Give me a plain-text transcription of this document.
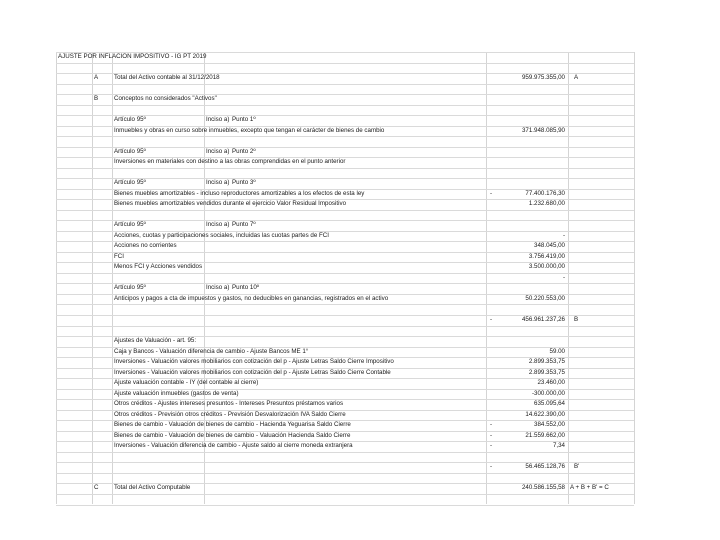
AJUSTE POR INFLACION IMPOSITIVO - IG PT 2019
A	Total del Activo contable al 31/12/2018	959.975.355,00 A
B	Conceptos no considerados "Activos"
Artículo 95º	Inciso a) Punto 1º
Inmuebles y obras en curso sobre inmuebles, excepto que tengan el carácter de bienes de cambio	371.948.085,90
Artículo 95º	Inciso a) Punto 2º
Inversiones en materiales con destino a las obras comprendidas en el punto anterior
Artículo 95º	Inciso a) Punto 3º
Bienes muebles amortizables - incluso reproductores amortizables a los efectos de esta ley	-	77.400.176,30
Bienes muebles amortizables vendidos durante el ejercicio Valor Residual Impositivo	1.232.680,00
Artículo 95º	Inciso a) Punto 7º
Acciones, cuotas y participaciones sociales, incluidas las cuotas partes de FCI	-
Acciones no corrientes	348.045,00
FCI	3.756.419,00
Menos FCI y Acciones vendidos	3.500.000,00
-
Artículo 95º	Inciso a) Punto 10º
Anticipos y pagos a cta de impuestos y gastos, no deducibles en ganancias, registrados en el activo	50.220.553,00
-	456.961.237,26 B
Ajustes de Valuación - art. 95:
Caja y Bancos - Valuación diferencia de cambio - Ajuste Bancos ME 1°	59.00
Inversiones - Valuación valores mobiliarios con cotización del p - Ajuste Letras Saldo Cierre Impositivo	2.899.353,75
Inversiones - Valuación valores mobiliarios con cotización del p - Ajuste Letras Saldo Cierre Contable	2.899.353,75
Ajuste valuación contable - IY (del contable al cierre)	23.460,00
Ajuste valuación inmuebles (gastos de venta)	-300.000,00
Otros créditos - Ajustes intereses presuntos - Intereses Presuntos préstamos varios	635.095,64
Otros créditos - Previsión otros créditos - Previsión Desvalorización IVA Saldo Cierre	14.622.390,00
Bienes de cambio - Valuación de bienes de cambio - Hacienda Yeguarisa Saldo Cierre	-	384.552,00
Bienes de cambio - Valuación de bienes de cambio - Valuación Hacienda Saldo Cierre	-	21.559.662,00
Inversiones - Valuación diferencia de cambio - Ajuste saldo al cierre moneda extranjera	-	7,34
-	56.465.128,76 B'
C	Total del Activo Computable	240.586.155,58 A + B + B' = C
